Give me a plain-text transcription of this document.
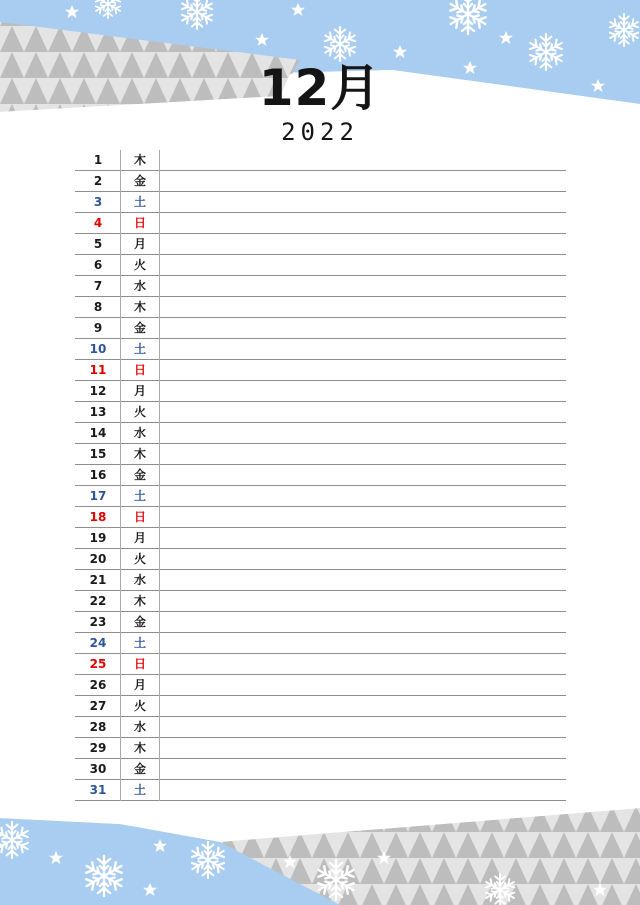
12月
2022
1	木
2	金
3	土
4	日
5	月
6	火
7	水
8	木
9	金
10	土
11	日
12	月
13	火
14	水
15	木
16	金
17	土
18	日
19	月
20	火
21	水
22	木
23	金
24	土
25	日
26	月
27	火
28	水
29	木
30	金
31	土
